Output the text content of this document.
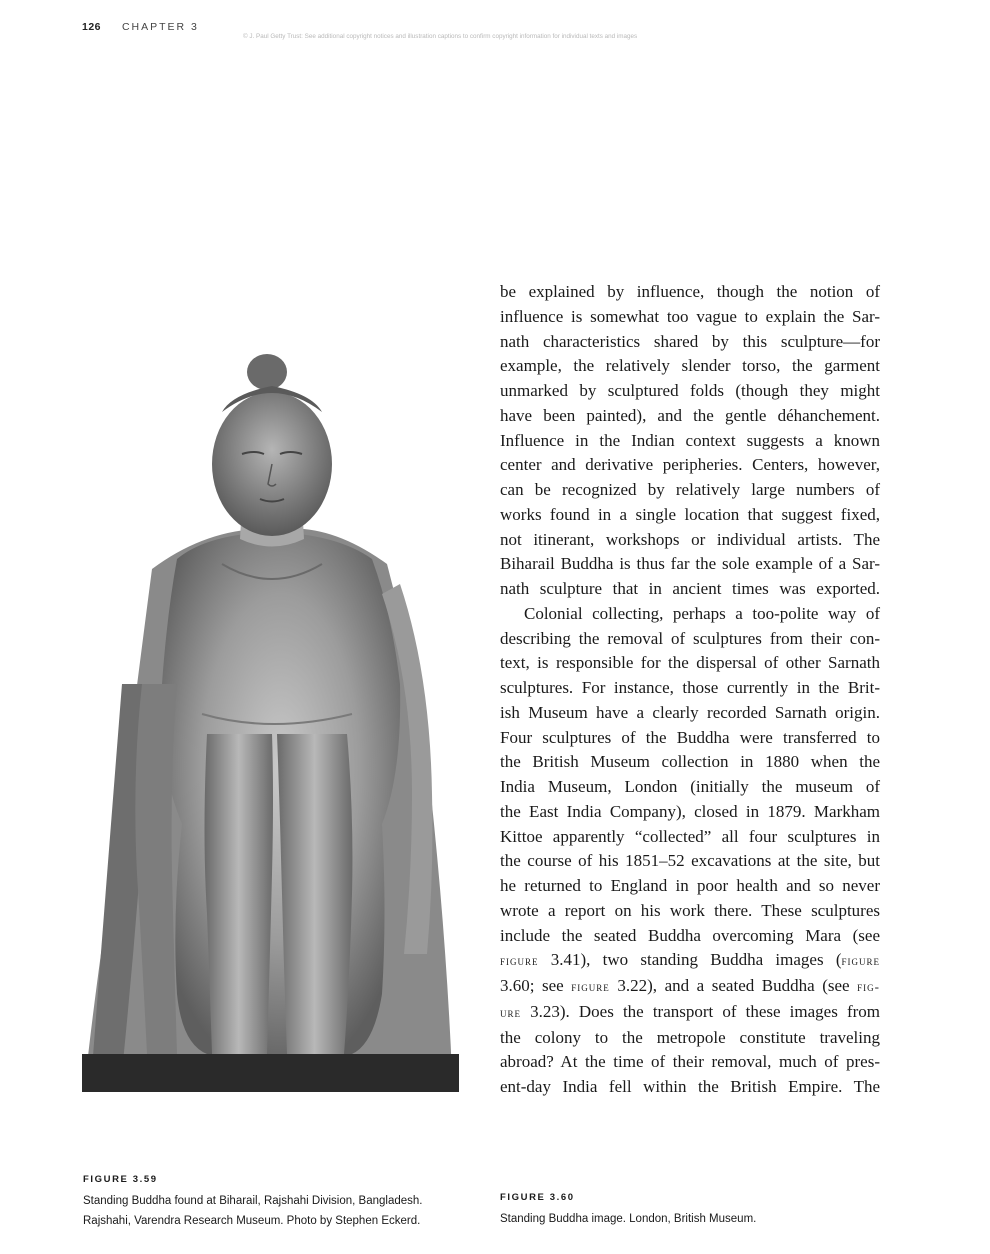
126 CHAPTER 3
© J. Paul Getty Trust: See additional copyright notices and illustration captions to confirm copyright information for individual texts and images

be explained by influence, though the notion of
influence is somewhat too vague to explain the Sar-
nath characteristics shared by this sculpture—for
example, the relatively slender torso, the garment
unmarked by sculptured folds (though they might
have been painted), and the gentle déhanchement.
Influence in the Indian context suggests a known
center and derivative peripheries. Centers, however,
can be recognized by relatively large numbers of
works found in a single location that suggest fixed,
not itinerant, workshops or individual artists. The
Biharail Buddha is thus far the sole example of a Sar-
nath sculpture that in ancient times was exported.

Colonial collecting, perhaps a too-polite way of
describing the removal of sculptures from their con-
text, is responsible for the dispersal of other Sarnath
sculptures. For instance, those currently in the Brit-
ish Museum have a clearly recorded Sarnath origin.
Four sculptures of the Buddha were transferred to
the British Museum collection in 1880 when the
India Museum, London (initially the museum of
the East India Company), closed in 1879. Markham
Kittoe apparently “collected” all four sculptures in
the course of his 1851–52 excavations at the site, but
he returned to England in poor health and so never
wrote a report on his work there. These sculptures
include the seated Buddha overcoming Mara (see
figure 3.41), two standing Buddha images (figure
3.60; see figure 3.22), and a seated Buddha (see fig-
ure 3.23). Does the transport of these images from
the colony to the metropole constitute traveling
abroad? At the time of their removal, much of pres-
ent-day India fell within the British Empire. The

FIGURE 3.59
Standing Buddha found at Biharail, Rajshahi Division, Bangladesh.
Rajshahi, Varendra Research Museum. Photo by Stephen Eckerd.
FIGURE 3.60
Standing Buddha image. London, British Museum.
